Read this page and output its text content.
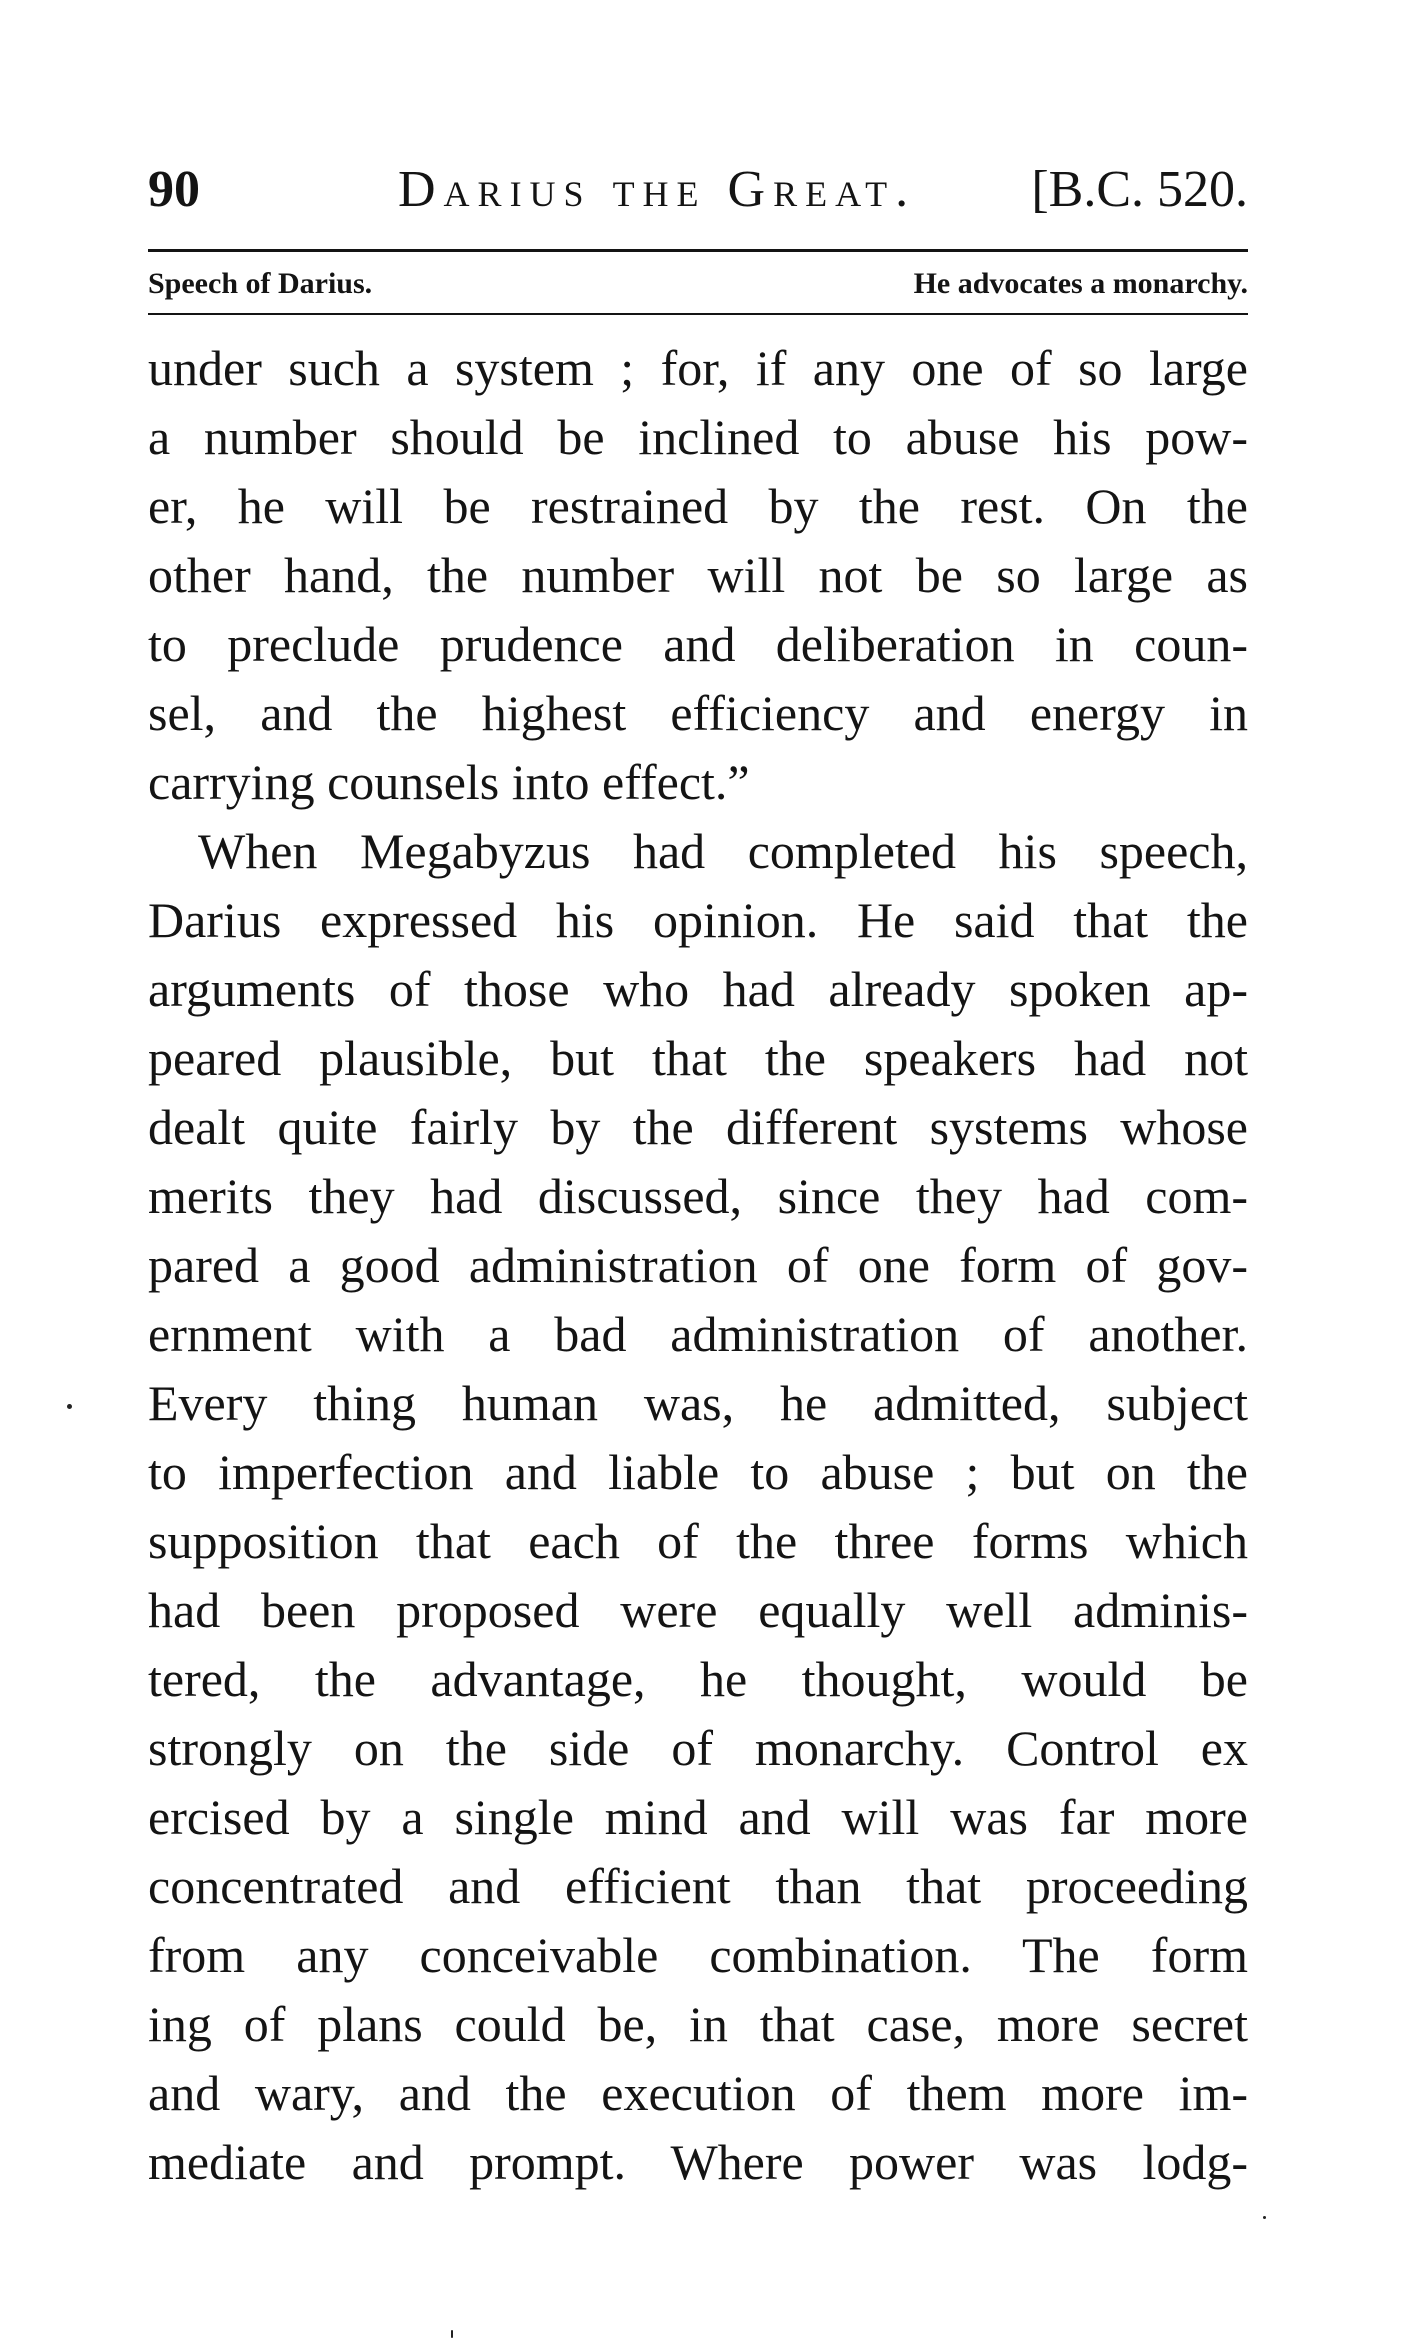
90	Darius the Great. [B.C. 520.
Speech of Darius.	He advocates a monarchy.
under such a system ; for, if any one of so large
a number should be inclined to abuse his pow-
er, he will be restrained by the rest. On the
other hand, the number will not be so large as
to preclude prudence and deliberation in coun-
sel, and the highest efficiency and energy in
carrying counsels into effect.”
When Megabyzus had completed his speech,
Darius expressed his opinion. He said that the
arguments of those who had already spoken ap-
peared plausible, but that the speakers had not
dealt quite fairly by the different systems whose
merits they had discussed, since they had com-
pared a good administration of one form of gov-
ernment with a bad administration of another.
Every thing human was, he admitted, subject
to imperfection and liable to abuse ; but on the
supposition that each of the three forms which
had been proposed were equally well adminis-
tered, the advantage, he thought, would be
strongly on the side of monarchy. Control ex
ercised by a single mind and will was far more
concentrated and efficient than that proceeding
from any conceivable combination. The form
ing of plans could be, in that case, more secret
and wary, and the execution of them more im-
mediate and prompt. Where power was lodg-
